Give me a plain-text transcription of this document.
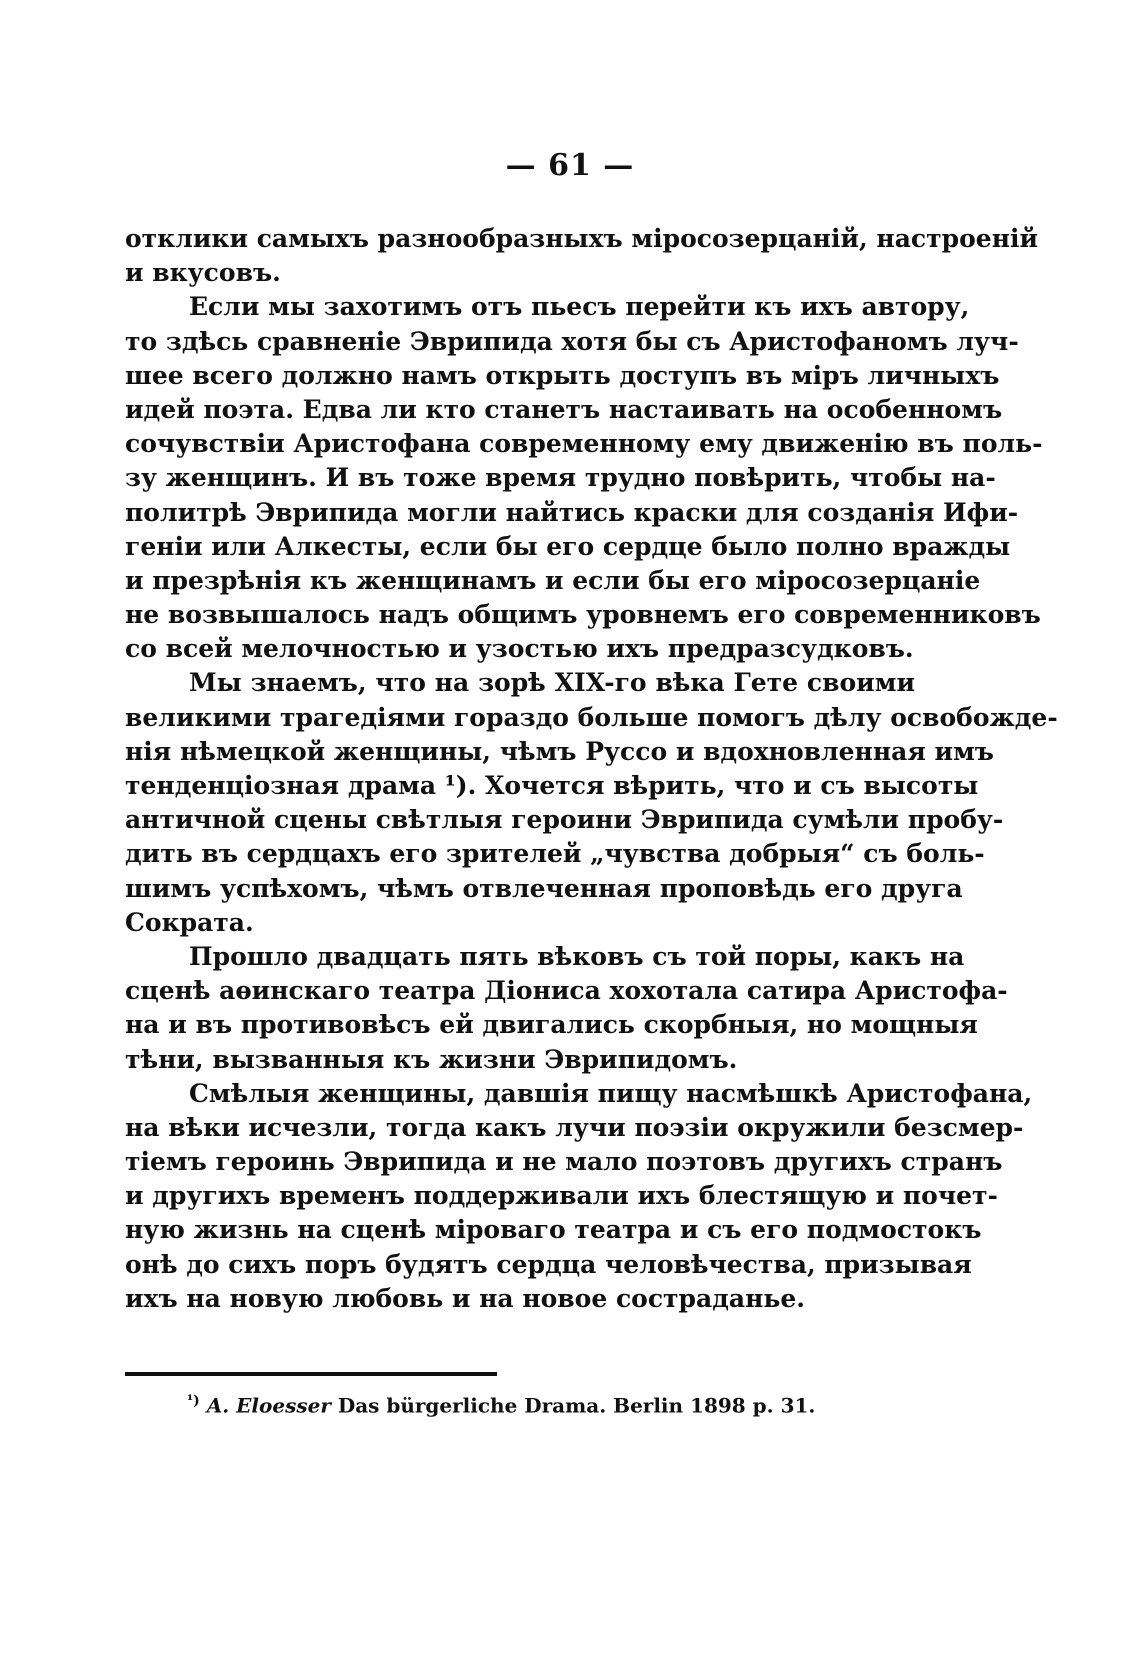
— 61 —
отклики самыхъ разнообразныхъ міросозерцаній, настроеній
и вкусовъ.
Если мы захотимъ отъ пьесъ перейти къ ихъ автору,
то здѣсь сравненіе Эврипида хотя бы съ Аристофаномъ луч-
шее всего должно намъ открыть доступъ въ міръ личныхъ
идей поэта. Едва ли кто станетъ настаивать на особенномъ
сочувствіи Аристофана современному ему движенію въ поль-
зу женщинъ. И въ тоже время трудно повѣрить, чтобы на-
политрѣ Эврипида могли найтись краски для созданія Ифи-
геніи или Алкесты, если бы его сердце было полно вражды
и презрѣнія къ женщинамъ и если бы его міросозерцаніе
не возвышалось надъ общимъ уровнемъ его современниковъ
со всей мелочностью и узостью ихъ предразсудковъ.
Мы знаемъ, что на зорѣ XIX-го вѣка Гете своими
великими трагедіями гораздо больше помогъ дѣлу освобожде-
нія нѣмецкой женщины, чѣмъ Руссо и вдохновленная имъ
тенденціозная драма ¹). Хочется вѣрить, что и съ высоты
античной сцены свѣтлыя героини Эврипида сумѣли пробу-
дить въ сердцахъ его зрителей „чувства добрыя“ съ боль-
шимъ успѣхомъ, чѣмъ отвлеченная проповѣдь его друга
Сократа.
Прошло двадцать пять вѣковъ съ той поры, какъ на
сценѣ аѳинскаго театра Діониса хохотала сатира Аристофа-
на и въ противовѣсъ ей двигались скорбныя, но мощныя
тѣни, вызванныя къ жизни Эврипидомъ.
Смѣлыя женщины, давшія пищу насмѣшкѣ Аристофана,
на вѣки исчезли, тогда какъ лучи поэзіи окружили безсмер-
тіемъ героинь Эврипида и не мало поэтовъ другихъ странъ
и другихъ временъ поддерживали ихъ блестящую и почет-
ную жизнь на сценѣ міроваго театра и съ его подмостокъ
онѣ до сихъ поръ будятъ сердца человѣчества, призывая
ихъ на новую любовь и на новое состраданье.
$^{^1)}$ A. Eloesser Das bürgerliche Drama. Berlin 1898 p. 31.
